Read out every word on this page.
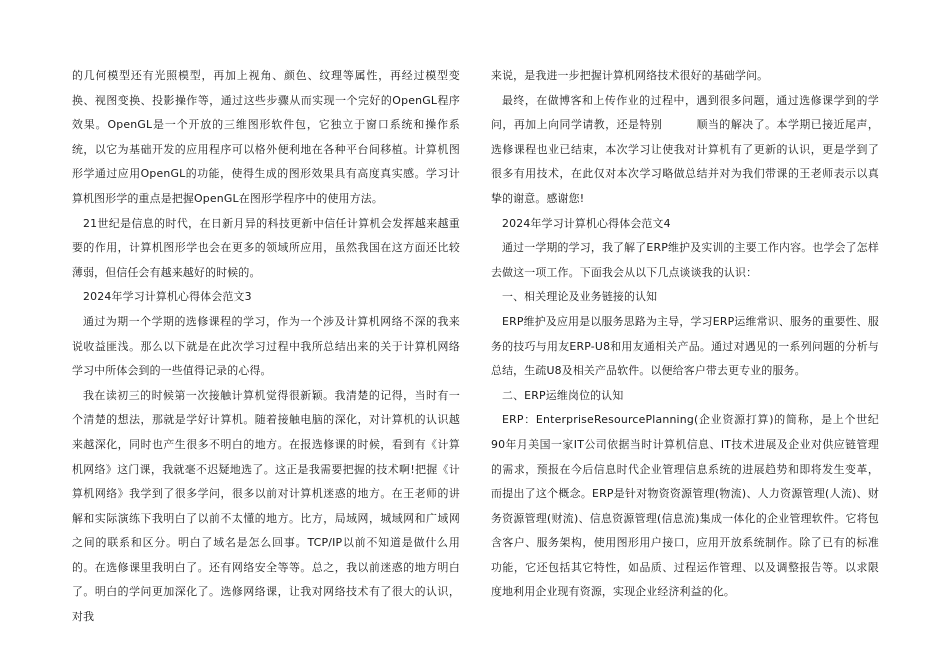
的几何模型还有光照模型，再加上视角、颜色、纹理等属性，再经过模型变换、视图变换、投影操作等，通过这些步骤从而实现一个完好的OpenGL程序效果。OpenGL是一个开放的三维图形软件包，它独立于窗口系统和操作系统，以它为基础开发的应用程序可以格外便利地在各种平台间移植。计算机图形学通过应用OpenGL的功能，使得生成的图形效果具有高度真实感。学习计算机图形学的重点是把握OpenGL在图形学程序中的使用方法。

21世纪是信息的时代，在日新月异的科技更新中信任计算机会发挥越来越重要的作用，计算机图形学也会在更多的领域所应用，虽然我国在这方面还比较薄弱，但信任会有越来越好的时候的。

2024年学习计算机心得体会范文3

通过为期一个学期的选修课程的学习，作为一个涉及计算机网络不深的我来说收益匪浅。那么以下就是在此次学习过程中我所总结出来的关于计算机网络学习中所体会到的一些值得记录的心得。

我在读初三的时候第一次接触计算机觉得很新颖。我清楚的记得，当时有一个清楚的想法，那就是学好计算机。随着接触电脑的深化，对计算机的认识越来越深化，同时也产生很多不明白的地方。在报选修课的时候，看到有《计算机网络》这门课，我就毫不迟疑地选了。这正是我需要把握的技术啊!把握《计算机网络》我学到了很多学问，很多以前对计算机迷惑的地方。在王老师的讲解和实际演练下我明白了以前不太懂的地方。比方，局域网，城域网和广域网之间的联系和区分。明白了域名是怎么回事。TCP/IP以前不知道是做什么用的。在选修课里我明白了。还有网络安全等等。总之，我以前迷惑的地方明白了。明白的学问更加深化了。选修网络课，让我对网络技术有了很大的认识，对我

来说，是我进一步把握计算机网络技术很好的基础学问。

最终，在做博客和上传作业的过程中，遇到很多问题，通过选修课学到的学问，再加上向同学请教，还是特别　　　顺当的解决了。本学期已接近尾声，选修课程也业已结束，本次学习让使我对计算机有了更新的认识，更是学到了很多有用技术，在此仅对本次学习略做总结并对为我们带课的王老师表示以真挚的谢意。感谢您!

2024年学习计算机心得体会范文4

通过一学期的学习，我了解了ERP维护及实训的主要工作内容。也学会了怎样去做这一项工作。下面我会从以下几点谈谈我的认识：

一、相关理论及业务链接的认知

ERP维护及应用是以服务思路为主导，学习ERP运维常识、服务的重要性、服务的技巧与用友ERP-U8和用友通相关产品。通过对遇见的一系列问题的分析与总结，生疏U8及相关产品软件。以便给客户带去更专业的服务。

二、ERP运维岗位的认知

ERP：EnterpriseResourcePlanning(企业资源打算)的简称，是上个世纪90年月美国一家IT公司依据当时计算机信息、IT技术进展及企业对供应链管理的需求，预报在今后信息时代企业管理信息系统的进展趋势和即将发生变革，而提出了这个概念。ERP是针对物资资源管理(物流)、人力资源管理(人流)、财务资源管理(财流)、信息资源管理(信息流)集成一体化的企业管理软件。它将包含客户、服务架构，使用图形用户接口，应用开放系统制作。除了已有的标准功能，它还包括其它特性，如品质、过程运作管理、以及调整报告等。以求限度地利用企业现有资源，实现企业经济利益的化。
